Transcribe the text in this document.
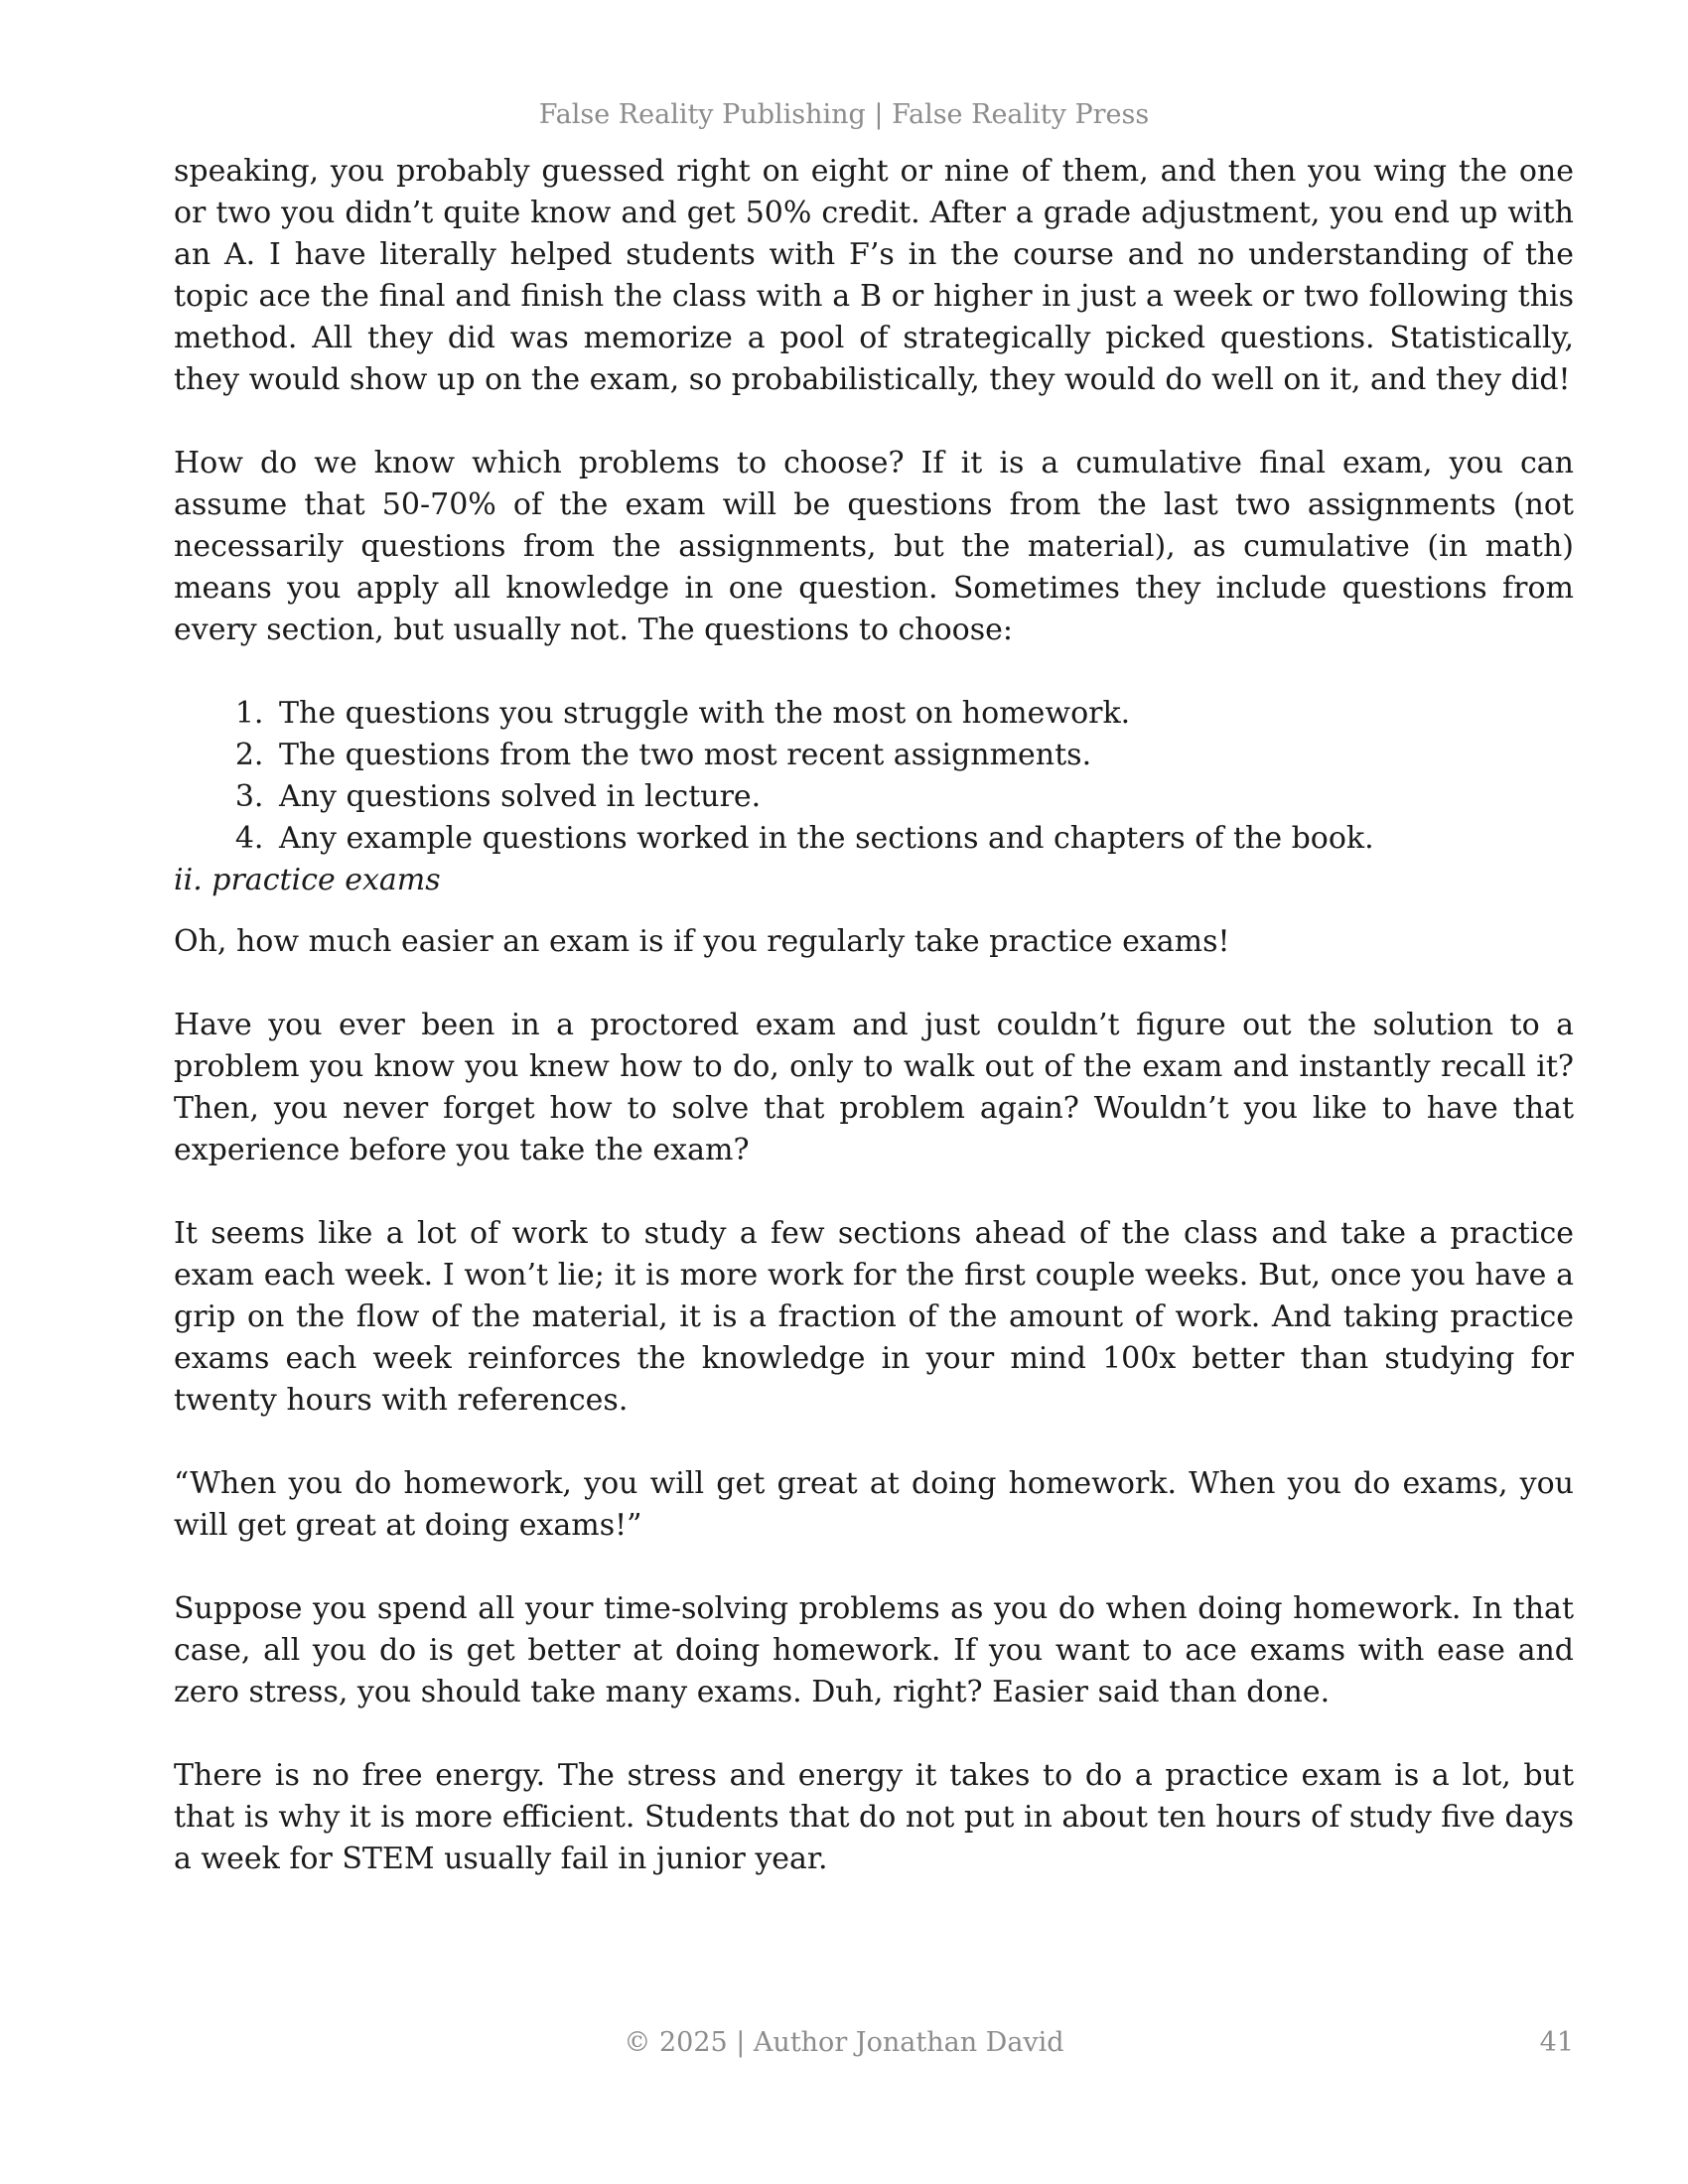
False Reality Publishing | False Reality Press

speaking, you probably guessed right on eight or nine of them, and then you wing the one or two you didn’t quite know and get 50% credit. After a grade adjustment, you end up with an A. I have literally helped students with F’s in the course and no understanding of the topic ace the final and finish the class with a B or higher in just a week or two following this method. All they did was memorize a pool of strategically picked questions. Statistically, they would show up on the exam, so probabilistically, they would do well on it, and they did!

How do we know which problems to choose? If it is a cumulative final exam, you can assume that 50-70% of the exam will be questions from the last two assignments (not necessarily questions from the assignments, but the material), as cumulative (in math) means you apply all knowledge in one question. Sometimes they include questions from every section, but usually not. The questions to choose:

1. The questions you struggle with the most on homework.
2. The questions from the two most recent assignments.
3. Any questions solved in lecture.
4. Any example questions worked in the sections and chapters of the book.

ii. practice exams

Oh, how much easier an exam is if you regularly take practice exams!

Have you ever been in a proctored exam and just couldn’t figure out the solution to a problem you know you knew how to do, only to walk out of the exam and instantly recall it? Then, you never forget how to solve that problem again? Wouldn’t you like to have that experience before you take the exam?

It seems like a lot of work to study a few sections ahead of the class and take a practice exam each week. I won’t lie; it is more work for the first couple weeks. But, once you have a grip on the flow of the material, it is a fraction of the amount of work. And taking practice exams each week reinforces the knowledge in your mind 100x better than studying for twenty hours with references.

“When you do homework, you will get great at doing homework. When you do exams, you will get great at doing exams!”

Suppose you spend all your time-solving problems as you do when doing homework. In that case, all you do is get better at doing homework. If you want to ace exams with ease and zero stress, you should take many exams. Duh, right? Easier said than done.

There is no free energy. The stress and energy it takes to do a practice exam is a lot, but that is why it is more efficient. Students that do not put in about ten hours of study five days a week for STEM usually fail in junior year.

© 2025 | Author Jonathan David	41
